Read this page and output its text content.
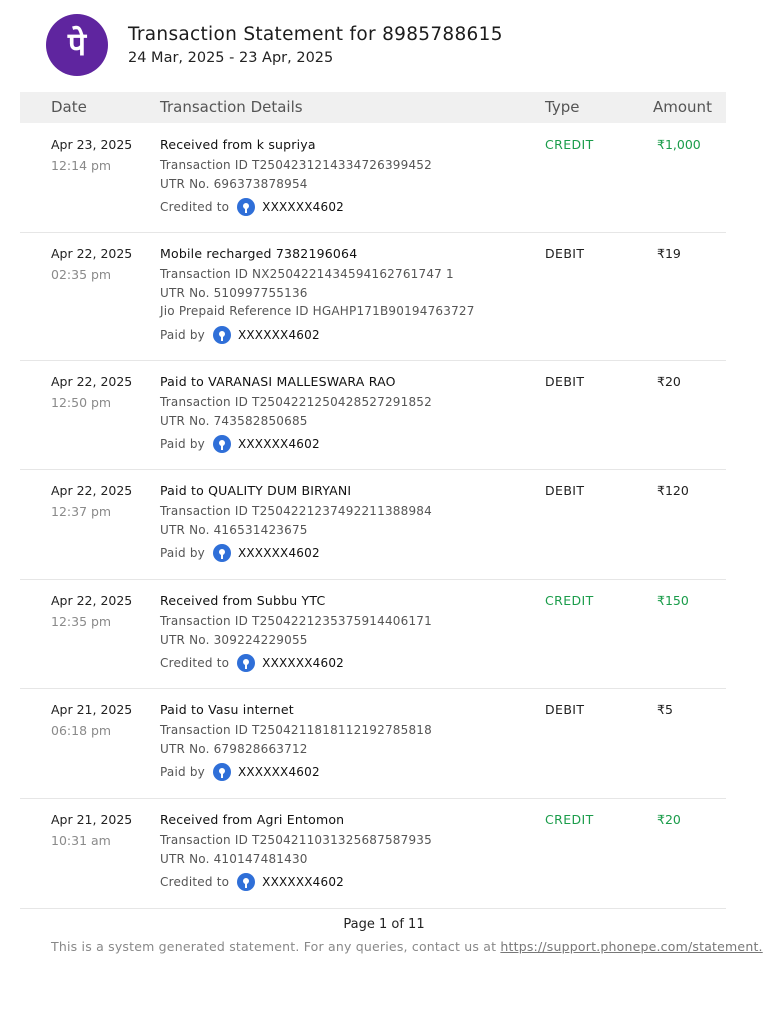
पे Transaction Statement for 8985788615
24 Mar, 2025 - 23 Apr, 2025
Date	Transaction Details	Type	Amount
Apr 23, 2025
12:14 pm
Received from k supriya
Transaction ID T2504231214334726399452
UTR No. 696373878954
Credited to	XXXXXX4602
CREDIT	₹1,000
Apr 22, 2025
02:35 pm
Mobile recharged 7382196064
Transaction ID NX2504221434594162761747 1
UTR No. 510997755136
Jio Prepaid Reference ID HGAHP171B90194763727
Paid by	XXXXXX4602
DEBIT	₹19
Apr 22, 2025
12:50 pm
Paid to VARANASI MALLESWARA RAO
Transaction ID T2504221250428527291852
UTR No. 743582850685
Paid by	XXXXXX4602
DEBIT	₹20
Apr 22, 2025
12:37 pm
Paid to QUALITY DUM BIRYANI
Transaction ID T2504221237492211388984
UTR No. 416531423675
Paid by	XXXXXX4602
DEBIT	₹120
Apr 22, 2025
12:35 pm
Received from Subbu YTC
Transaction ID T2504221235375914406171
UTR No. 309224229055
Credited to	XXXXXX4602
CREDIT	₹150
Apr 21, 2025
06:18 pm
Paid to Vasu internet
Transaction ID T2504211818112192785818
UTR No. 679828663712
Paid by	XXXXXX4602
DEBIT	₹5
Apr 21, 2025
10:31 am
Received from Agri Entomon
Transaction ID T2504211031325687587935
UTR No. 410147481430
Credited to	XXXXXX4602
CREDIT	₹20
Page 1 of 11
This is a system generated statement. For any queries, contact us at https://support.phonepe.com/statement.
